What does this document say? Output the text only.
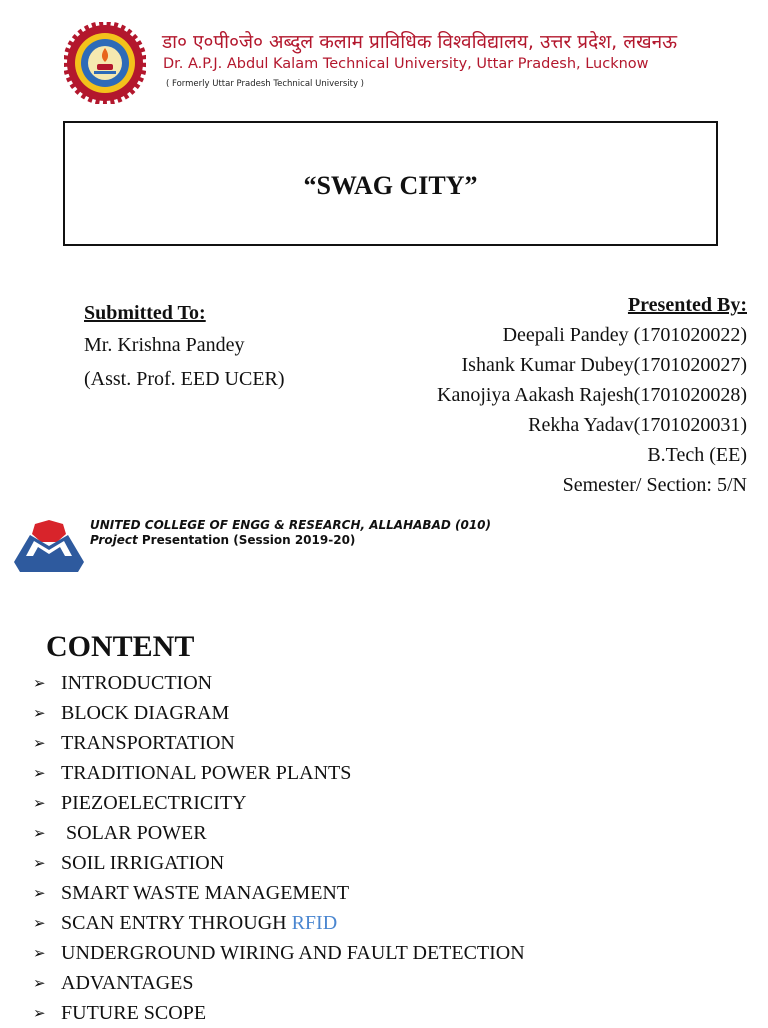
डा० ए०पी०जे० अब्दुल कलाम प्राविधिक विश्वविद्यालय, उत्तर प्रदेश, लखनऊ
Dr. A.P.J. Abdul Kalam Technical University, Uttar Pradesh, Lucknow
( Formerly Uttar Pradesh Technical University )
“SWAG CITY”
Submitted To:
Mr. Krishna Pandey
(Asst. Prof. EED UCER)
Presented By:
Deepali Pandey (1701020022)
Ishank Kumar Dubey(1701020027)
Kanojiya Aakash Rajesh(1701020028)
Rekha Yadav(1701020031)
B.Tech (EE)
Semester/ Section: 5/N
UNITED COLLEGE OF ENGG & RESEARCH, ALLAHABAD (010)
Project Presentation (Session 2019-20)
CONTENT
➢ INTRODUCTION
➢ BLOCK DIAGRAM
➢ TRANSPORTATION
➢ TRADITIONAL POWER PLANTS
➢ PIEZOELECTRICITY
➢ SOLAR POWER
➢ SOIL IRRIGATION
➢ SMART WASTE MANAGEMENT
➢ SCAN ENTRY THROUGH RFID
➢ UNDERGROUND WIRING AND FAULT DETECTION
➢ ADVANTAGES
➢ FUTURE SCOPE
